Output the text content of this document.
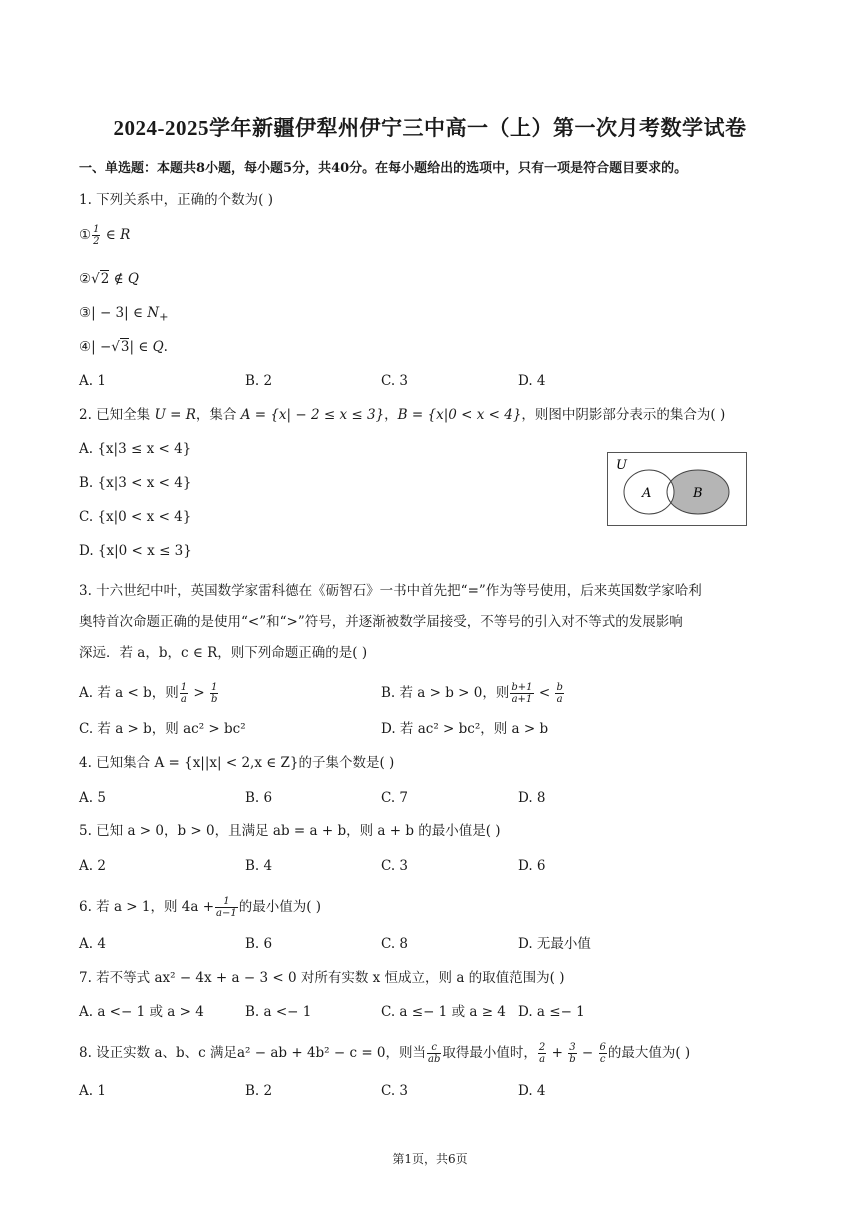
2024-2025学年新疆伊犁州伊宁三中高一（上）第一次月考数学试卷
一、单选题：本题共8小题，每小题5分，共40分。在每小题给出的选项中，只有一项是符合题目要求的。
1. 下列关系中，正确的个数为( )
① $\frac{1}{2}$ ∈ R
②√2 ∉ Q
③| − 3| ∈ $N_+$
④| −√3| ∈ Q.
A. 1	B. 2	C. 3	D. 4
2. 已知全集 U = R，集合 A = {x| − 2 ≤ x ≤ 3}，B = {x|0 < x < 4}，则图中阴影部分表示的集合为( )
A. {x|3 ≤ x < 4}
B. {x|3 < x < 4}
C. {x|0 < x < 4}
D. {x|0 < x ≤ 3}
U
A	B
3. 十六世纪中叶，英国数学家雷科德在《砺智石》一书中首先把“=”作为等号使用，后来英国数学家哈利
奥特首次命题正确的是使用“<”和“>”符号，并逐渐被数学届接受，不等号的引入对不等式的发展影响
深远．若 a，b，c ∈ R，则下列命题正确的是( )
A. 若 a < b，则 $\frac{1}{a} > \frac{1}{b}$	B. 若 a > b > 0，则 $\frac{b+1}{a+1} < \frac{b}{a}$
C. 若 a > b，则 ac² > bc²	D. 若 ac² > bc²，则 a > b
4. 已知集合 A = {x||x| < 2,x ∈ Z}的子集个数是( )
A. 5	B. 6	C. 7	D. 8
5. 已知 a > 0，b > 0，且满足 ab = a + b，则 a + b 的最小值是( )
A. 2	B. 4	C. 3	D. 6
6. 若 a > 1，则 $4a + \frac{1}{a-1}$ 的最小值为( )
A. 4	B. 6	C. 8	D. 无最小值
7. 若不等式 ax² − 4x + a − 3 < 0 对所有实数 x 恒成立，则 a 的取值范围为( )
A. a <− 1 或 a > 4	B. a <− 1	C. a ≤− 1 或 a ≥ 4 D. a ≤− 1
8. 设正实数 a、b、c 满足a² − ab + 4b² − c = 0，则当 $\frac{c}{ab}$ 取得最小值时， $\frac{2}{a} + \frac{3}{b} - \frac{6}{c}$ 的最大值为( )
A. 1	B. 2	C. 3	D. 4
第1页，共6页
